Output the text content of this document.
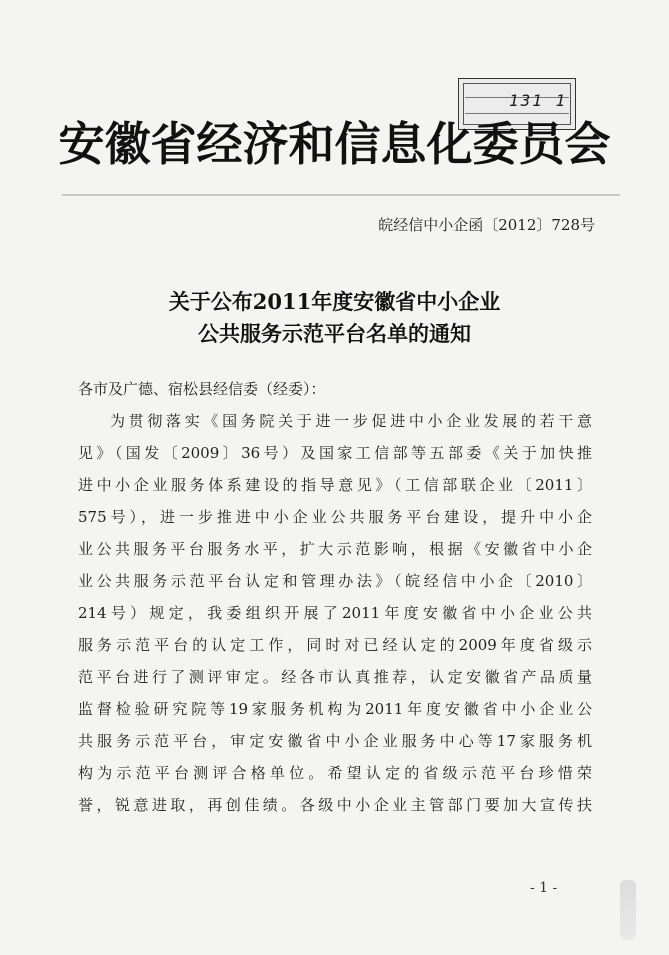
131 1
安徽省经济和信息化委员会
皖经信中小企函〔2012〕728号
关于公布2011年度安徽省中小企业
公共服务示范平台名单的通知
各市及广德、宿松县经信委（经委）：
为贯彻落实《国务院关于进一步促进中小企业发展的若干意
见》（国发〔2009〕36号）及国家工信部等五部委《关于加快推
进中小企业服务体系建设的指导意见》（工信部联企业〔2011〕
575号），进一步推进中小企业公共服务平台建设，提升中小企
业公共服务平台服务水平，扩大示范影响，根据《安徽省中小企
业公共服务示范平台认定和管理办法》（皖经信中小企〔2010〕
214号）规定，我委组织开展了2011年度安徽省中小企业公共
服务示范平台的认定工作，同时对已经认定的2009年度省级示
范平台进行了测评审定。经各市认真推荐，认定安徽省产品质量
监督检验研究院等19家服务机构为2011年度安徽省中小企业公
共服务示范平台，审定安徽省中小企业服务中心等17家服务机
构为示范平台测评合格单位。希望认定的省级示范平台珍惜荣
誉，锐意进取，再创佳绩。各级中小企业主管部门要加大宣传扶
- 1 -
